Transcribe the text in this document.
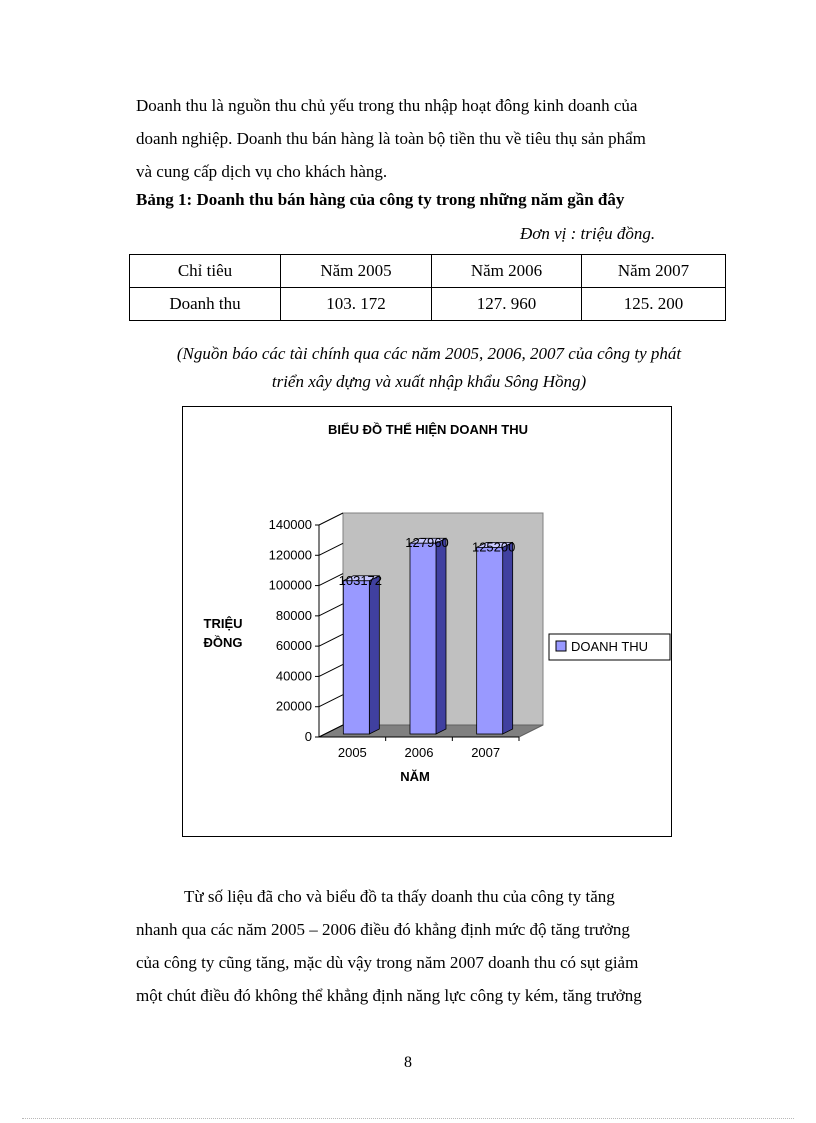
Doanh thu là nguồn thu chủ yếu trong thu nhập hoạt đông kinh doanh của
doanh nghiệp. Doanh thu bán hàng là toàn bộ tiền thu về tiêu thụ sản phẩm
và cung cấp dịch vụ cho khách hàng.

Bảng 1: Doanh thu bán hàng của công ty trong những năm gần đây

Đơn vị : triệu đồng.
Chỉ tiêu	Năm 2005	Năm 2006	Năm 2007
Doanh thu	103. 172	127. 960	125. 200
(Nguồn báo các tài chính qua các năm 2005, 2006, 2007 của công ty phát
triển xây dựng và xuất nhập khẩu Sông Hồng)
BIỂU ĐỒ THỂ HIỆN DOANH THU
0
20000
40000
60000
80000
100000
120000
140000
103172
127960 125200
2005	2006	2007
TRIỆU
ĐỒNG
NĂM
DOANH THU

Từ số liệu đã cho và biểu đồ ta thấy doanh thu của công ty tăng
nhanh qua các năm 2005 – 2006 điều đó khẳng định mức độ tăng trưởng
của công ty cũng tăng, mặc dù vậy trong năm 2007 doanh thu có sụt giảm
một chút điều đó không thể khẳng định năng lực công ty kém, tăng trưởng

8
